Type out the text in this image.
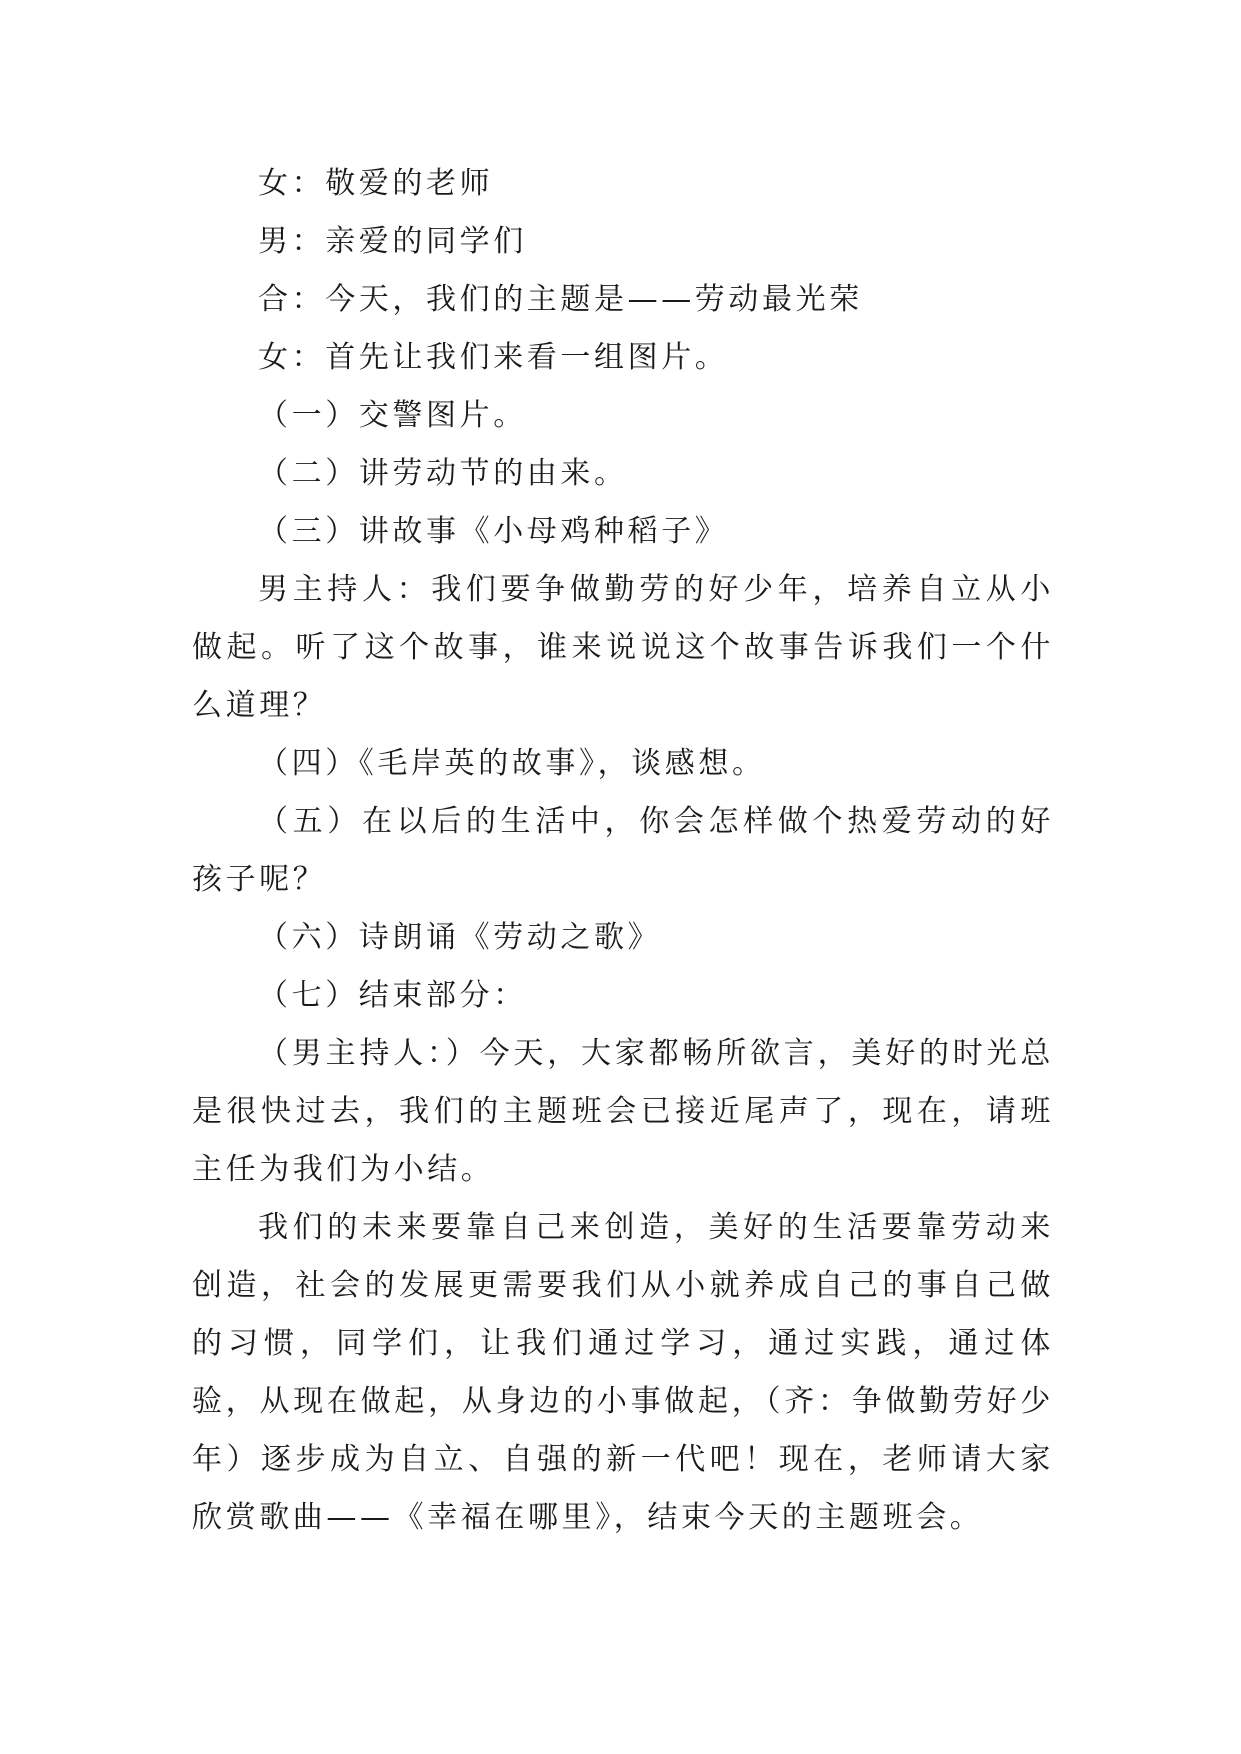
女：敬爱的老师

男：亲爱的同学们

合：今天，我们的主题是——劳动最光荣

女：首先让我们来看一组图片。

（一）交警图片。

（二）讲劳动节的由来。

（三）讲故事《小母鸡种稻子》

男主持人：我们要争做勤劳的好少年，培养自立从小做起。听了这个故事，谁来说说这个故事告诉我们一个什么道理？

（四）《毛岸英的故事》，谈感想。

（五）在以后的生活中，你会怎样做个热爱劳动的好孩子呢？

（六）诗朗诵《劳动之歌》

（七）结束部分：

（男主持人：）今天，大家都畅所欲言，美好的时光总是很快过去，我们的主题班会已接近尾声了，现在，请班主任为我们为小结。

我们的未来要靠自己来创造，美好的生活要靠劳动来创造，社会的发展更需要我们从小就养成自己的事自己做的习惯，同学们，让我们通过学习，通过实践，通过体验，从现在做起，从身边的小事做起，（齐：争做勤劳好少年）逐步成为自立、自强的新一代吧！现在，老师请大家欣赏歌曲——《幸福在哪里》，结束今天的主题班会。
